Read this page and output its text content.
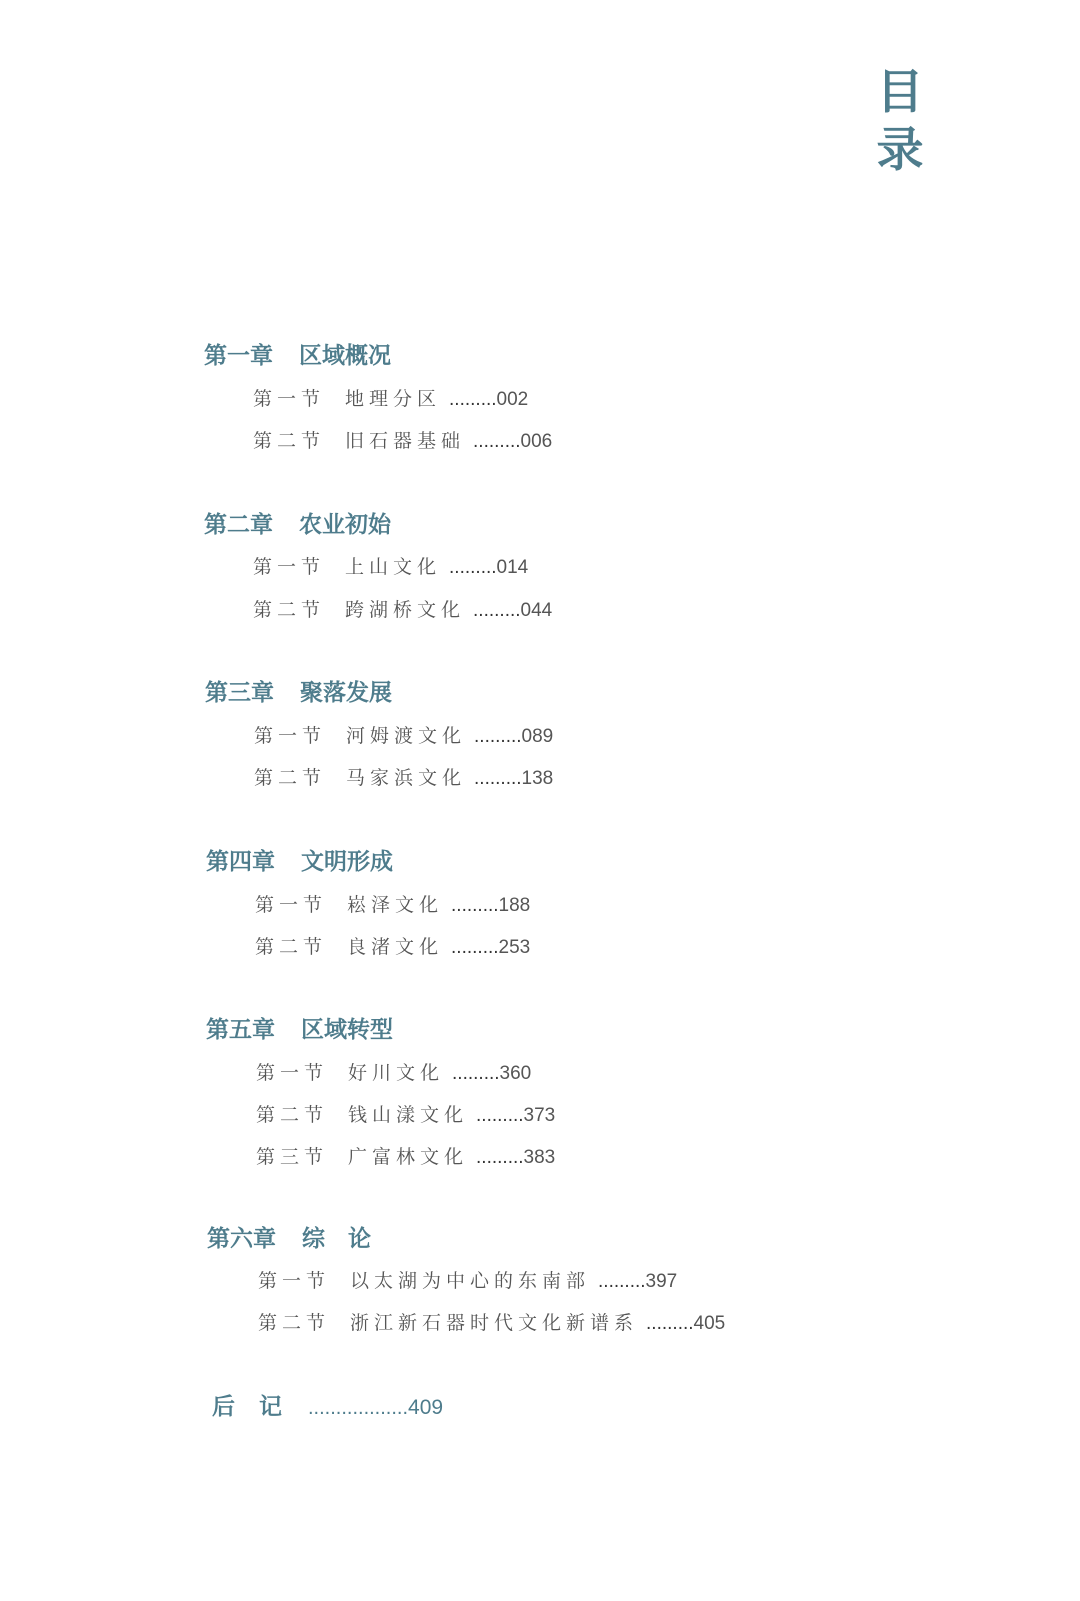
目
录
第一章 区域概况
第一节 地理分区 .........002
第二节 旧石器基础 .........006
第二章 农业初始
第一节 上山文化 .........014
第二节 跨湖桥文化 .........044
第三章 聚落发展
第一节 河姆渡文化 .........089
第二节 马家浜文化 .........138
第四章 文明形成
第一节 崧泽文化 .........188
第二节 良渚文化 .........253
第五章 区域转型
第一节 好川文化 .........360
第二节 钱山漾文化 .........373
第三节 广富林文化 .........383
第六章 综　论
第一节 以太湖为中心的东南部 .........397
第二节 浙江新石器时代文化新谱系 .........405
后记 ..................409
